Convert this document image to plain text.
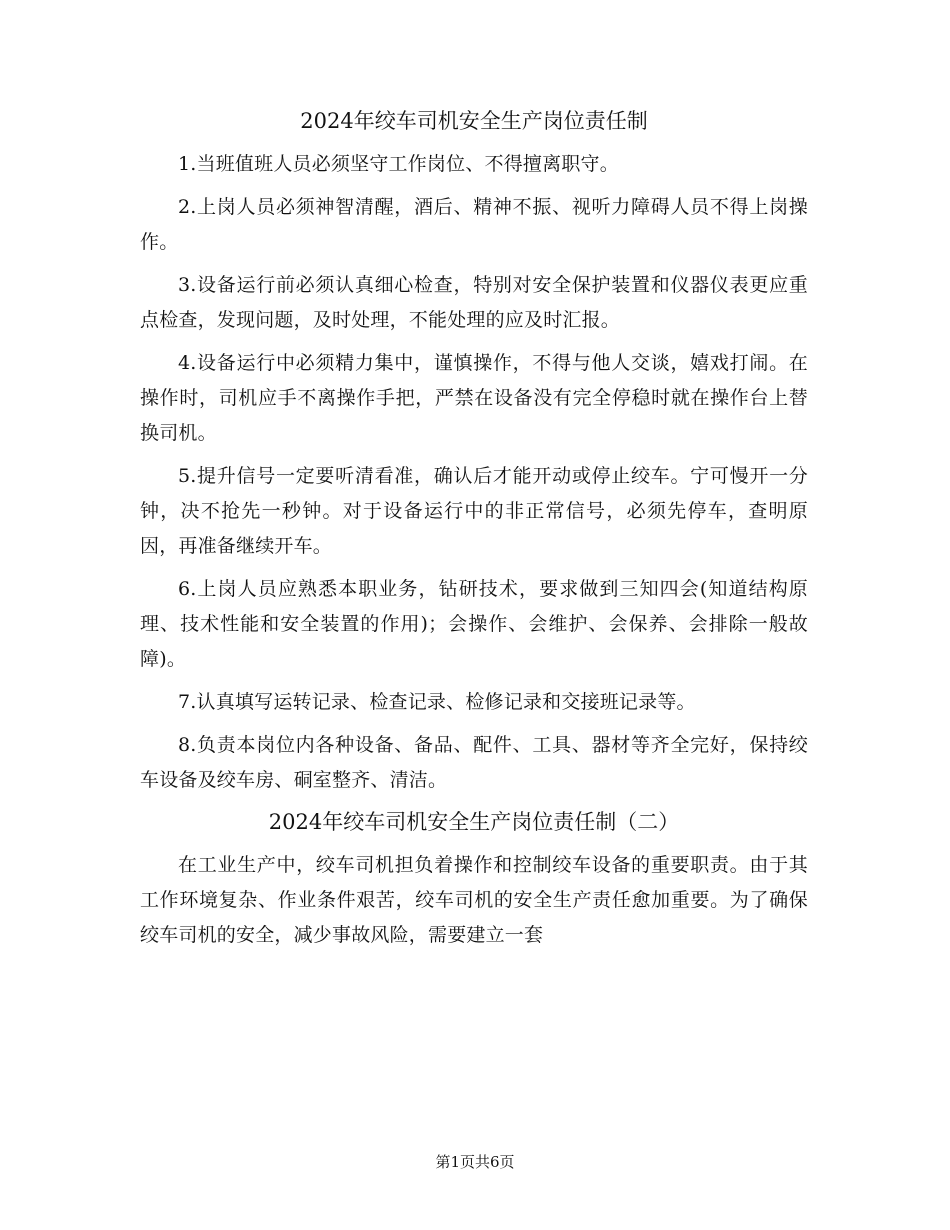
2024年绞车司机安全生产岗位责任制

1.当班值班人员必须坚守工作岗位、不得擅离职守。

2.上岗人员必须神智清醒，酒后、精神不振、视听力障碍人员不得上岗操作。

3.设备运行前必须认真细心检查，特别对安全保护装置和仪器仪表更应重点检查，发现问题，及时处理，不能处理的应及时汇报。

4.设备运行中必须精力集中，谨慎操作，不得与他人交谈，嬉戏打闹。在操作时，司机应手不离操作手把，严禁在设备没有完全停稳时就在操作台上替换司机。

5.提升信号一定要听清看准，确认后才能开动或停止绞车。宁可慢开一分钟，决不抢先一秒钟。对于设备运行中的非正常信号，必须先停车，查明原因，再准备继续开车。

6.上岗人员应熟悉本职业务，钻研技术，要求做到三知四会(知道结构原理、技术性能和安全装置的作用)；会操作、会维护、会保养、会排除一般故障)。

7.认真填写运转记录、检查记录、检修记录和交接班记录等。

8.负责本岗位内各种设备、备品、配件、工具、器材等齐全完好，保持绞车设备及绞车房、硐室整齐、清洁。

2024年绞车司机安全生产岗位责任制（二）

在工业生产中，绞车司机担负着操作和控制绞车设备的重要职责。由于其工作环境复杂、作业条件艰苦，绞车司机的安全生产责任愈加重要。为了确保绞车司机的安全，减少事故风险，需要建立一套

第1页共6页
